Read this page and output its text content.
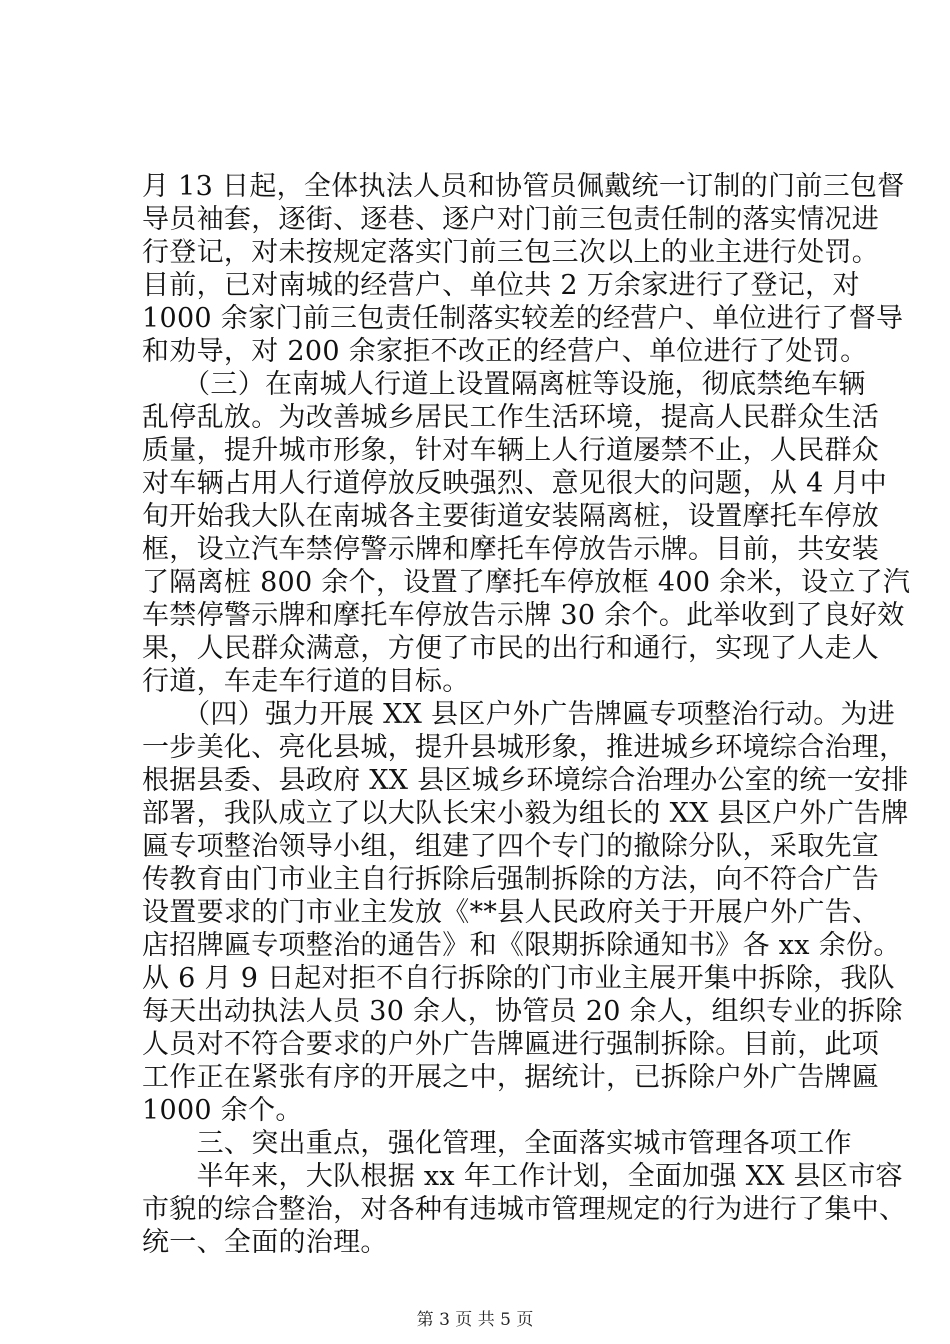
月 13 日起，全体执法人员和协管员佩戴统一订制的门前三包督
导员袖套，逐街、逐巷、逐户对门前三包责任制的落实情况进
行登记，对未按规定落实门前三包三次以上的业主进行处罚。
目前，已对南城的经营户、单位共 2 万余家进行了登记，对
1000 余家门前三包责任制落实较差的经营户、单位进行了督导
和劝导，对 200 余家拒不改正的经营户、单位进行了处罚。
　　（三）在南城人行道上设置隔离桩等设施，彻底禁绝车辆
乱停乱放。为改善城乡居民工作生活环境，提高人民群众生活
质量，提升城市形象，针对车辆上人行道屡禁不止，人民群众
对车辆占用人行道停放反映强烈、意见很大的问题，从 4 月中
旬开始我大队在南城各主要街道安装隔离桩，设置摩托车停放
框，设立汽车禁停警示牌和摩托车停放告示牌。目前，共安装
了隔离桩 800 余个，设置了摩托车停放框 400 余米，设立了汽
车禁停警示牌和摩托车停放告示牌 30 余个。此举收到了良好效
果，人民群众满意，方便了市民的出行和通行，实现了人走人
行道，车走车行道的目标。
　　（四）强力开展 XX 县区户外广告牌匾专项整治行动。为进
一步美化、亮化县城，提升县城形象，推进城乡环境综合治理，
根据县委、县政府 XX 县区城乡环境综合治理办公室的统一安排
部署，我队成立了以大队长宋小毅为组长的 XX 县区户外广告牌
匾专项整治领导小组，组建了四个专门的撤除分队，采取先宣
传教育由门市业主自行拆除后强制拆除的方法，向不符合广告
设置要求的门市业主发放《**县人民政府关于开展户外广告、
店招牌匾专项整治的通告》和《限期拆除通知书》各 xx 余份。
从 6 月 9 日起对拒不自行拆除的门市业主展开集中拆除，我队
每天出动执法人员 30 余人，协管员 20 余人，组织专业的拆除
人员对不符合要求的户外广告牌匾进行强制拆除。目前，此项
工作正在紧张有序的开展之中，据统计，已拆除户外广告牌匾
1000 余个。
　　三、突出重点，强化管理，全面落实城市管理各项工作
　　半年来，大队根据 xx 年工作计划，全面加强 XX 县区市容
市貌的综合整治，对各种有违城市管理规定的行为进行了集中、
统一、全面的治理。
第 3 页 共 5 页
